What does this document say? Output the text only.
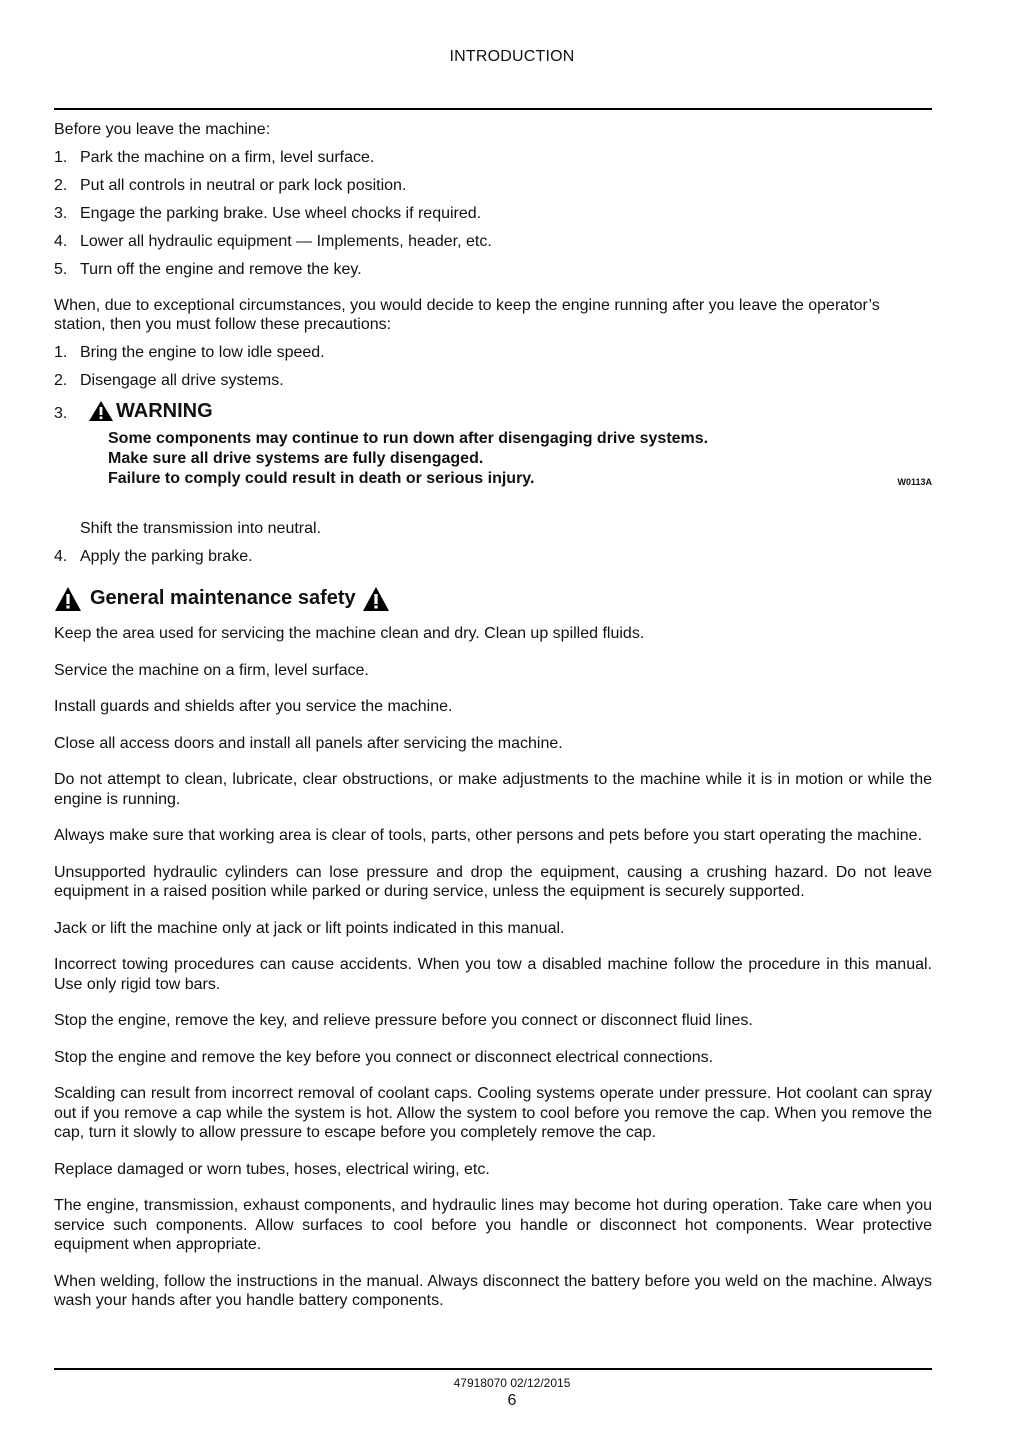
INTRODUCTION

Before you leave the machine:

1. Park the machine on a firm, level surface.
2. Put all controls in neutral or park lock position.
3. Engage the parking brake. Use wheel chocks if required.
4. Lower all hydraulic equipment — Implements, header, etc.
5. Turn off the engine and remove the key.

When, due to exceptional circumstances, you would decide to keep the engine running after you leave the operator’s station, then you must follow these precautions:

1. Bring the engine to low idle speed.
2. Disengage all drive systems.
3. WARNING
Some components may continue to run down after disengaging drive systems.
Make sure all drive systems are fully disengaged.
Failure to comply could result in death or serious injury.	W0113A

Shift the transmission into neutral.

4. Apply the parking brake.
General maintenance safety

Keep the area used for servicing the machine clean and dry. Clean up spilled fluids.

Service the machine on a firm, level surface.

Install guards and shields after you service the machine.

Close all access doors and install all panels after servicing the machine.

Do not attempt to clean, lubricate, clear obstructions, or make adjustments to the machine while it is in motion or while the engine is running.

Always make sure that working area is clear of tools, parts, other persons and pets before you start operating the machine.

Unsupported hydraulic cylinders can lose pressure and drop the equipment, causing a crushing hazard. Do not leave equipment in a raised position while parked or during service, unless the equipment is securely supported.

Jack or lift the machine only at jack or lift points indicated in this manual.

Incorrect towing procedures can cause accidents. When you tow a disabled machine follow the procedure in this manual. Use only rigid tow bars.

Stop the engine, remove the key, and relieve pressure before you connect or disconnect fluid lines.

Stop the engine and remove the key before you connect or disconnect electrical connections.

Scalding can result from incorrect removal of coolant caps. Cooling systems operate under pressure. Hot coolant can spray out if you remove a cap while the system is hot. Allow the system to cool before you remove the cap. When you remove the cap, turn it slowly to allow pressure to escape before you completely remove the cap.

Replace damaged or worn tubes, hoses, electrical wiring, etc.

The engine, transmission, exhaust components, and hydraulic lines may become hot during operation. Take care when you service such components. Allow surfaces to cool before you handle or disconnect hot components. Wear protective equipment when appropriate.

When welding, follow the instructions in the manual. Always disconnect the battery before you weld on the machine. Always wash your hands after you handle battery components.

47918070 02/12/2015
6
